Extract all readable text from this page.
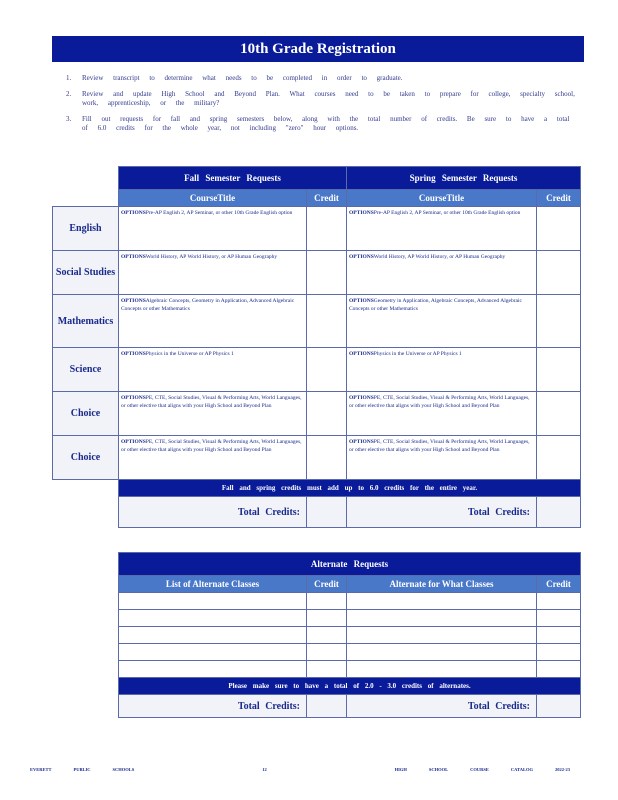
10th Grade Registration
1.	Review transcript to determine what needs to be completed in order to graduate.
2.	Review and update High School and Beyond Plan. What courses need to be taken to prepare for college, specialty school, work, apprenticeship, or the military?
3.	Fill out requests for fall and spring semesters below, along with the total number of credits. Be sure to have a total of 6.0 credits for the whole year, not including "zero" hour options.
	Fall Semester Requests		Spring Semester Requests	
	CourseTitle	Credit	CourseTitle	Credit
English	OPTIONSPre-AP English 2, AP Seminar, or other 10th Grade English option		OPTIONSPre-AP English 2, AP Seminar, or other 10th Grade English option	
Social Studies	OPTIONSWorld History, AP World History, or AP Human Geography		OPTIONSWorld History, AP World History, or AP Human Geography	
Mathematics	OPTIONSAlgebraic Concepts, Geometry in Application, Advanced Algebraic Concepts or other Mathematics		OPTIONSGeometry in Application, Algebraic Concepts, Advanced Algebraic Concepts or other Mathematics	
Science	OPTIONSPhysics in the Universe or AP Physics 1		OPTIONSPhysics in the Universe or AP Physics 1	
Choice	OPTIONSPE, CTE, Social Studies, Visual & Performing Arts, World Languages, or other elective that aligns with your High School and Beyond Plan		OPTIONSPE, CTE, Social Studies, Visual & Performing Arts, World Languages, or other elective that aligns with your High School and Beyond Plan	
Choice	OPTIONSPE, CTE, Social Studies, Visual & Performing Arts, World Languages, or other elective that aligns with your High School and Beyond Plan		OPTIONSPE, CTE, Social Studies, Visual & Performing Arts, World Languages, or other elective that aligns with your High School and Beyond Plan	
	Fall and spring credits must add up to 6.0 credits for the entire year.			
	Total Credits:		Total Credits:	
Alternate Requests			
List of Alternate Classes	Credit	Alternate for What Classes	Credit

Please make sure to have a total of 2.0 - 3.0 credits of alternates.			
Total Credits:		Total Credits:	
EVERETT	PUBLIC	SCHOOLS	12	HIGH	SCHOOL	COURSE	CATALOG	2022-23
